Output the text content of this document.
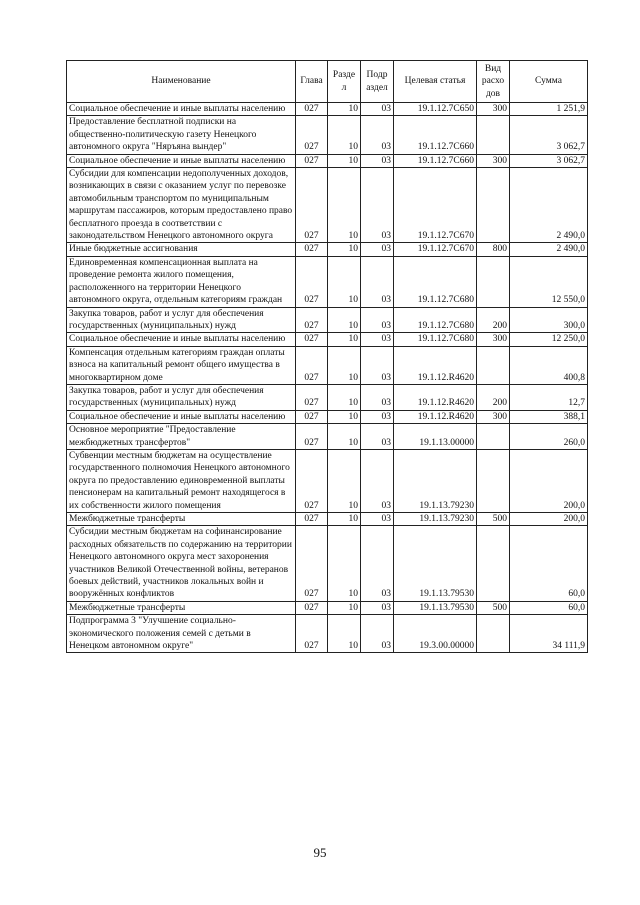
Наименование	Глава	Разде л	Подр аздел	Целевая статья	Вид расхо дов	Сумма
Социальное обеспечение и иные выплаты населению	027	10	03	19.1.12.7С650	300	1 251,9
Предоставление бесплатной подписки на общественно-политическую газету Ненецкого автономного округа "Няръяна вындер"	027	10	03	19.1.12.7С660		3 062,7
Социальное обеспечение и иные выплаты населению	027	10	03	19.1.12.7С660	300	3 062,7
Субсидии для компенсации недополученных доходов, возникающих в связи с оказанием услуг по перевозке автомобильным транспортом по муниципальным маршрутам пассажиров, которым предоставлено право бесплатного проезда в соответствии с законодательством Ненецкого автономного округа	027	10	03	19.1.12.7С670		2 490,0
Иные бюджетные ассигнования	027	10	03	19.1.12.7С670	800	2 490,0
Единовременная компенсационная выплата на проведение ремонта жилого помещения, расположенного на территории Ненецкого автономного округа, отдельным категориям граждан	027	10	03	19.1.12.7С680		12 550,0
Закупка товаров, работ и услуг для обеспечения государственных (муниципальных) нужд	027	10	03	19.1.12.7С680	200	300,0
Социальное обеспечение и иные выплаты населению	027	10	03	19.1.12.7С680	300	12 250,0
Компенсация отдельным категориям граждан оплаты взноса на капитальный ремонт общего имущества в многоквартирном доме	027	10	03	19.1.12.R4620		400,8
Закупка товаров, работ и услуг для обеспечения государственных (муниципальных) нужд	027	10	03	19.1.12.R4620	200	12,7
Социальное обеспечение и иные выплаты населению	027	10	03	19.1.12.R4620	300	388,1
Основное мероприятие "Предоставление межбюджетных трансфертов"	027	10	03	19.1.13.00000		260,0
Субвенции местным бюджетам на осуществление государственного полномочия Ненецкого автономного округа по предоставлению единовременной выплаты пенсионерам на капитальный ремонт находящегося в их собственности жилого помещения	027	10	03	19.1.13.79230		200,0
Межбюджетные трансферты	027	10	03	19.1.13.79230	500	200,0
Субсидии местным бюджетам на софинансирование расходных обязательств по содержанию на территории Ненецкого автономного округа мест захоронения участников Великой Отечественной войны, ветеранов боевых действий, участников локальных войн и вооружённых конфликтов	027	10	03	19.1.13.79530		60,0
Межбюджетные трансферты	027	10	03	19.1.13.79530	500	60,0
Подпрограмма 3 "Улучшение социально-экономического положения семей с детьми в Ненецком автономном округе"	027	10	03	19.3.00.00000		34 111,9
95
